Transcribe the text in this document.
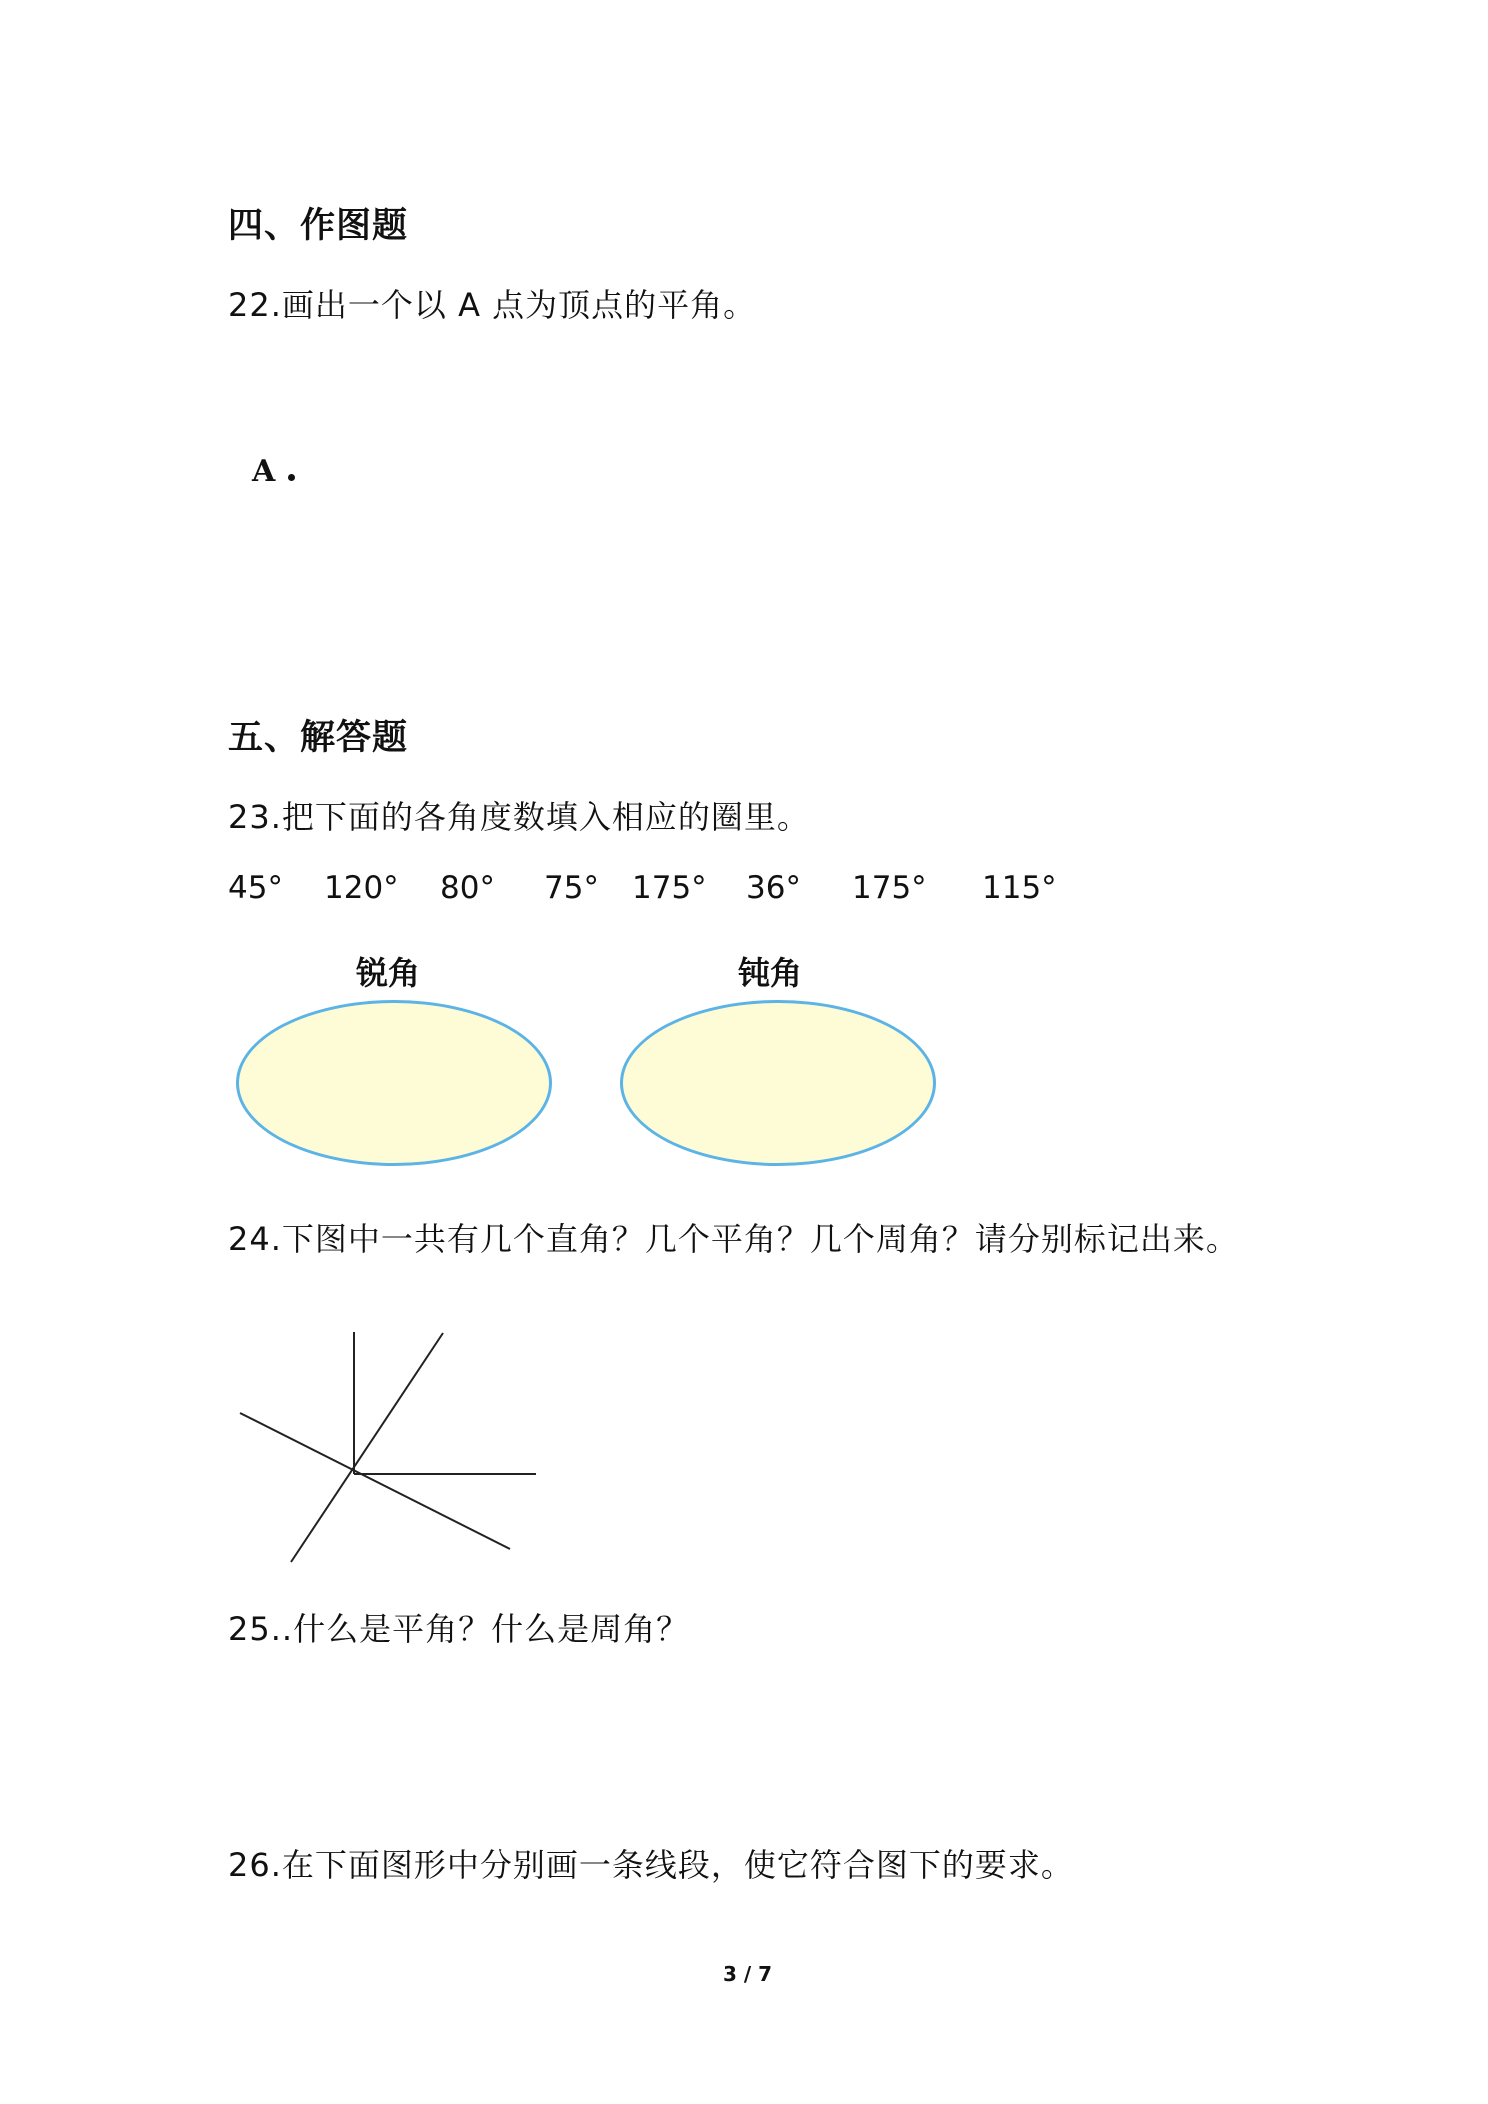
四、作图题
22.画出一个以 A 点为顶点的平角。
A
五、解答题
23.把下面的各角度数填入相应的圈里。
45° 120° 80° 75° 175° 36° 175° 115°
锐角	钝角
24.下图中一共有几个直角？几个平角？几个周角？请分别标记出来。
25..什么是平角？什么是周角？
26.在下面图形中分别画一条线段，使它符合图下的要求。
3 / 7
